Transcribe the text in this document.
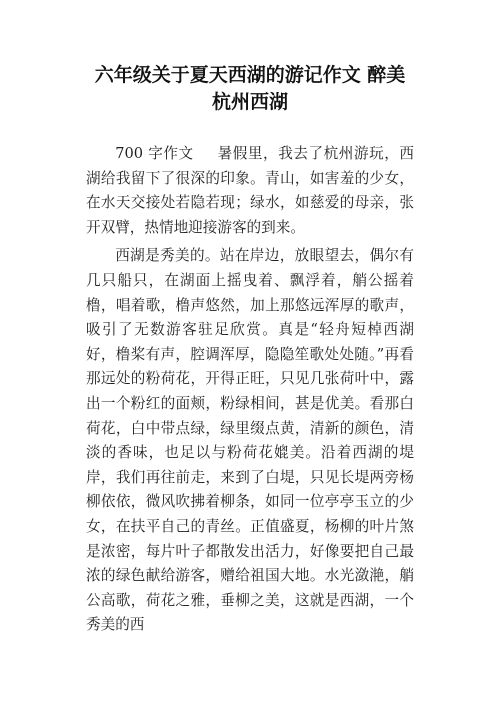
六年级关于夏天西湖的游记作文 醉美
杭州西湖

700 字作文 暑假里，我去了杭州游玩，西湖给我留下了很深的印象。青山，如害羞的少女，在水天交接处若隐若现；绿水，如慈爱的母亲，张开双臂，热情地迎接游客的到来。

西湖是秀美的。站在岸边，放眼望去，偶尔有几只船只，在湖面上摇曳着、飘浮着，艄公摇着橹，唱着歌，橹声悠然，加上那悠远浑厚的歌声，吸引了无数游客驻足欣赏。真是“轻舟短棹西湖好，橹桨有声，腔调浑厚，隐隐笙歌处处随。”再看那远处的粉荷花，开得正旺，只见几张荷叶中，露出一个粉红的面颊，粉绿相间，甚是优美。看那白荷花，白中带点绿，绿里缀点黄，清新的颜色，清淡的香味，也足以与粉荷花媲美。沿着西湖的堤岸，我们再往前走，来到了白堤，只见长堤两旁杨柳依依，微风吹拂着柳条，如同一位亭亭玉立的少女，在扶平自己的青丝。正值盛夏，杨柳的叶片煞是浓密，每片叶子都散发出活力，好像要把自己最浓的绿色献给游客，赠给祖国大地。水光潋滟，艄公高歌，荷花之雅，垂柳之美，这就是西湖，一个秀美的西
